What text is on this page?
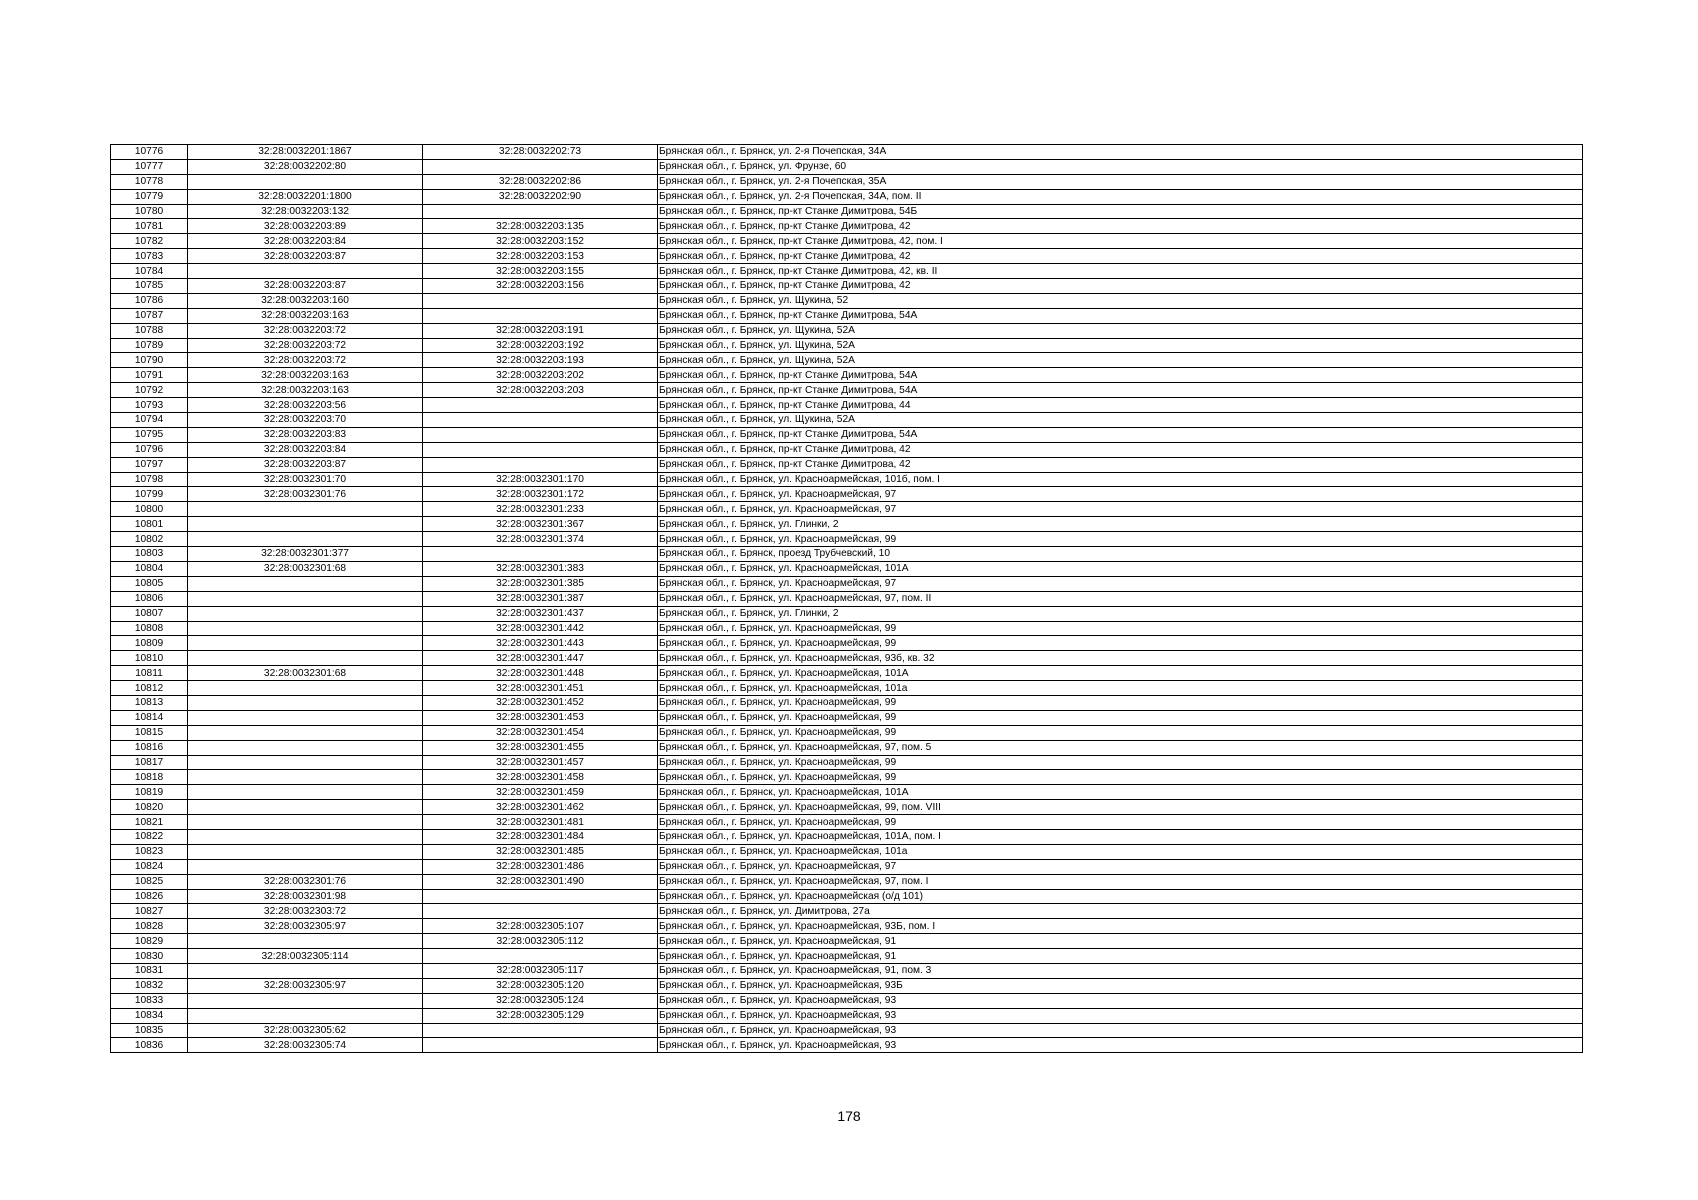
10776	32:28:0032201:1867	32:28:0032202:73	Брянская обл., г. Брянск, ул. 2-я Почепская, 34А
10777	32:28:0032202:80		Брянская обл., г. Брянск, ул. Фрунзе, 60
10778		32:28:0032202:86	Брянская обл., г. Брянск, ул. 2-я Почепская, 35А
10779	32:28:0032201:1800	32:28:0032202:90	Брянская обл., г. Брянск, ул. 2-я Почепская, 34А, пом. II
10780	32:28:0032203:132		Брянская обл., г. Брянск, пр-кт Станке Димитрова, 54Б
10781	32:28:0032203:89	32:28:0032203:135	Брянская обл., г. Брянск, пр-кт Станке Димитрова, 42
10782	32:28:0032203:84	32:28:0032203:152	Брянская обл., г. Брянск, пр-кт Станке Димитрова, 42, пом. I
10783	32:28:0032203:87	32:28:0032203:153	Брянская обл., г. Брянск, пр-кт Станке Димитрова, 42
10784		32:28:0032203:155	Брянская обл., г. Брянск, пр-кт Станке Димитрова, 42, кв. II
10785	32:28:0032203:87	32:28:0032203:156	Брянская обл., г. Брянск, пр-кт Станке Димитрова, 42
10786	32:28:0032203:160		Брянская обл., г. Брянск, ул. Щукина, 52
10787	32:28:0032203:163		Брянская обл., г. Брянск, пр-кт Станке Димитрова, 54А
10788	32:28:0032203:72	32:28:0032203:191	Брянская обл., г. Брянск, ул. Щукина, 52А
10789	32:28:0032203:72	32:28:0032203:192	Брянская обл., г. Брянск, ул. Щукина, 52А
10790	32:28:0032203:72	32:28:0032203:193	Брянская обл., г. Брянск, ул. Щукина, 52А
10791	32:28:0032203:163	32:28:0032203:202	Брянская обл., г. Брянск, пр-кт Станке Димитрова, 54А
10792	32:28:0032203:163	32:28:0032203:203	Брянская обл., г. Брянск, пр-кт Станке Димитрова, 54А
10793	32:28:0032203:56		Брянская обл., г. Брянск, пр-кт Станке Димитрова, 44
10794	32:28:0032203:70		Брянская обл., г. Брянск, ул. Щукина, 52А
10795	32:28:0032203:83		Брянская обл., г. Брянск, пр-кт Станке Димитрова, 54А
10796	32:28:0032203:84		Брянская обл., г. Брянск, пр-кт Станке Димитрова, 42
10797	32:28:0032203:87		Брянская обл., г. Брянск, пр-кт Станке Димитрова, 42
10798	32:28:0032301:70	32:28:0032301:170	Брянская обл., г. Брянск, ул. Красноармейская, 101б, пом. I
10799	32:28:0032301:76	32:28:0032301:172	Брянская обл., г. Брянск, ул. Красноармейская, 97
10800		32:28:0032301:233	Брянская обл., г. Брянск, ул. Красноармейская, 97
10801		32:28:0032301:367	Брянская обл., г. Брянск, ул. Глинки, 2
10802		32:28:0032301:374	Брянская обл., г. Брянск, ул. Красноармейская, 99
10803	32:28:0032301:377		Брянская обл., г. Брянск, проезд Трубчевский, 10
10804	32:28:0032301:68	32:28:0032301:383	Брянская обл., г. Брянск, ул. Красноармейская, 101А
10805		32:28:0032301:385	Брянская обл., г. Брянск, ул. Красноармейская, 97
10806		32:28:0032301:387	Брянская обл., г. Брянск, ул. Красноармейская, 97, пом. II
10807		32:28:0032301:437	Брянская обл., г. Брянск, ул. Глинки, 2
10808		32:28:0032301:442	Брянская обл., г. Брянск, ул. Красноармейская, 99
10809		32:28:0032301:443	Брянская обл., г. Брянск, ул. Красноармейская, 99
10810		32:28:0032301:447	Брянская обл., г. Брянск, ул. Красноармейская, 93б, кв. 32
10811	32:28:0032301:68	32:28:0032301:448	Брянская обл., г. Брянск, ул. Красноармейская, 101А
10812		32:28:0032301:451	Брянская обл., г. Брянск, ул. Красноармейская, 101а
10813		32:28:0032301:452	Брянская обл., г. Брянск, ул. Красноармейская, 99
10814		32:28:0032301:453	Брянская обл., г. Брянск, ул. Красноармейская, 99
10815		32:28:0032301:454	Брянская обл., г. Брянск, ул. Красноармейская, 99
10816		32:28:0032301:455	Брянская обл., г. Брянск, ул. Красноармейская, 97, пом. 5
10817		32:28:0032301:457	Брянская обл., г. Брянск, ул. Красноармейская, 99
10818		32:28:0032301:458	Брянская обл., г. Брянск, ул. Красноармейская, 99
10819		32:28:0032301:459	Брянская обл., г. Брянск, ул. Красноармейская, 101А
10820		32:28:0032301:462	Брянская обл., г. Брянск, ул. Красноармейская, 99, пом. VIII
10821		32:28:0032301:481	Брянская обл., г. Брянск, ул. Красноармейская, 99
10822		32:28:0032301:484	Брянская обл., г. Брянск, ул. Красноармейская, 101А, пом. I
10823		32:28:0032301:485	Брянская обл., г. Брянск, ул. Красноармейская, 101а
10824		32:28:0032301:486	Брянская обл., г. Брянск, ул. Красноармейская, 97
10825	32:28:0032301:76	32:28:0032301:490	Брянская обл., г. Брянск, ул. Красноармейская, 97, пом. I
10826	32:28:0032301:98		Брянская обл., г. Брянск, ул. Красноармейская (о/д 101)
10827	32:28:0032303:72		Брянская обл., г. Брянск, ул. Димитрова, 27а
10828	32:28:0032305:97	32:28:0032305:107	Брянская обл., г. Брянск, ул. Красноармейская, 93Б, пом. I
10829		32:28:0032305:112	Брянская обл., г. Брянск, ул. Красноармейская, 91
10830	32:28:0032305:114		Брянская обл., г. Брянск, ул. Красноармейская, 91
10831		32:28:0032305:117	Брянская обл., г. Брянск, ул. Красноармейская, 91, пом. 3
10832	32:28:0032305:97	32:28:0032305:120	Брянская обл., г. Брянск, ул. Красноармейская, 93Б
10833		32:28:0032305:124	Брянская обл., г. Брянск, ул. Красноармейская, 93
10834		32:28:0032305:129	Брянская обл., г. Брянск, ул. Красноармейская, 93
10835	32:28:0032305:62		Брянская обл., г. Брянск, ул. Красноармейская, 93
10836	32:28:0032305:74		Брянская обл., г. Брянск, ул. Красноармейская, 93
178
